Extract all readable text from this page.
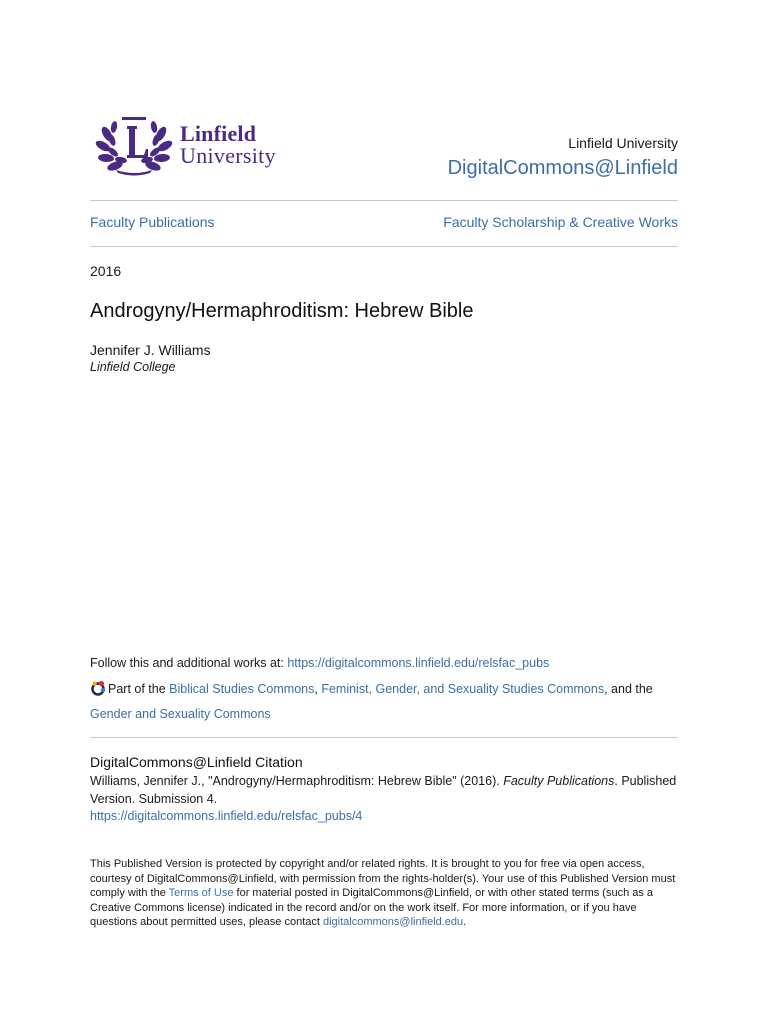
Linfield
University	Linfield University
DigitalCommons@Linfield
Faculty Publications	Faculty Scholarship & Creative Works
2016
Androgyny/Hermaphroditism: Hebrew Bible
Jennifer J. Williams
Linfield College
Follow this and additional works at: https://digitalcommons.linfield.edu/relsfac_pubs
Part of the Biblical Studies Commons, Feminist, Gender, and Sexuality Studies Commons, and the
Gender and Sexuality Commons
DigitalCommons@Linfield Citation
Williams, Jennifer J., "Androgyny/Hermaphroditism: Hebrew Bible" (2016). Faculty Publications. Published Version. Submission 4.
https://digitalcommons.linfield.edu/relsfac_pubs/4
This Published Version is protected by copyright and/or related rights. It is brought to you for free via open access, courtesy of DigitalCommons@Linfield, with permission from the rights-holder(s). Your use of this Published Version must comply with the Terms of Use for material posted in DigitalCommons@Linfield, or with other stated terms (such as a Creative Commons license) indicated in the record and/or on the work itself. For more information, or if you have questions about permitted uses, please contact digitalcommons@linfield.edu.
